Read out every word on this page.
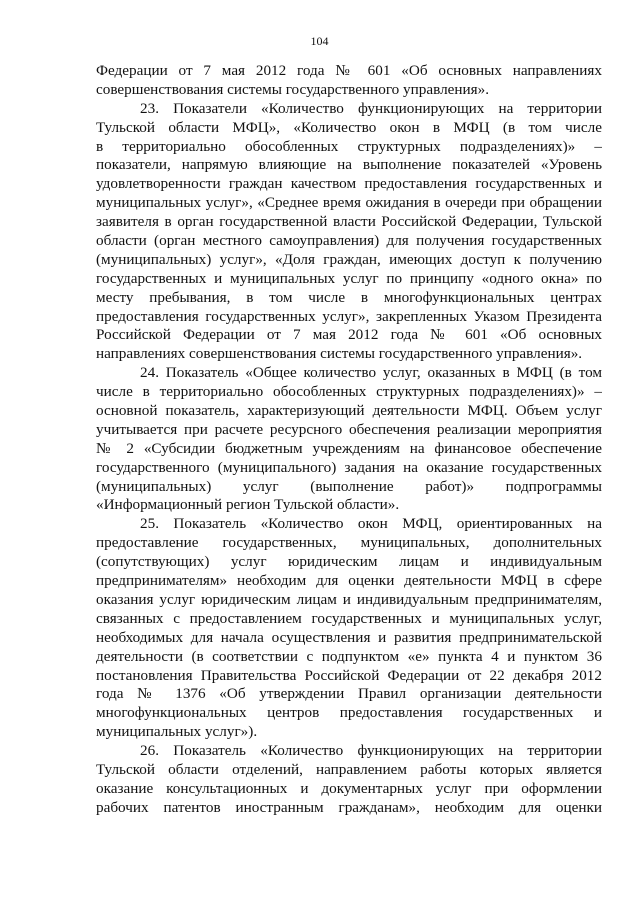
104
Федерации от 7 мая 2012 года № 601 «Об основных направлениях
совершенствования системы государственного управления».
23. Показатели «Количество функционирующих на территории
Тульской области МФЦ», «Количество окон в МФЦ (в том числе
в территориально обособленных структурных подразделениях)» –
показатели, напрямую влияющие на выполнение показателей «Уровень
удовлетворенности граждан качеством предоставления государственных и
муниципальных услуг», «Среднее время ожидания в очереди при обращении
заявителя в орган государственной власти Российской Федерации, Тульской
области (орган местного самоуправления) для получения государственных
(муниципальных) услуг», «Доля граждан, имеющих доступ к получению
государственных и муниципальных услуг по принципу «одного окна» по
месту пребывания, в том числе в многофункциональных центрах
предоставления государственных услуг», закрепленных Указом Президента
Российской Федерации от 7 мая 2012 года № 601 «Об основных
направлениях совершенствования системы государственного управления».
24. Показатель «Общее количество услуг, оказанных в МФЦ (в том
числе в территориально обособленных структурных подразделениях)» –
основной показатель, характеризующий деятельности МФЦ. Объем услуг
учитывается при расчете ресурсного обеспечения реализации мероприятия
№ 2 «Субсидии бюджетным учреждениям на финансовое обеспечение
государственного (муниципального) задания на оказание государственных
(муниципальных) услуг (выполнение работ)» подпрограммы
«Информационный регион Тульской области».
25. Показатель «Количество окон МФЦ, ориентированных на
предоставление государственных, муниципальных, дополнительных
(сопутствующих) услуг юридическим лицам и индивидуальным
предпринимателям» необходим для оценки деятельности МФЦ в сфере
оказания услуг юридическим лицам и индивидуальным предпринимателям,
связанных с предоставлением государственных и муниципальных услуг,
необходимых для начала осуществления и развития предпринимательской
деятельности (в соответствии с подпунктом «е» пункта 4 и пунктом 36
постановления Правительства Российской Федерации от 22 декабря 2012
года № 1376 «Об утверждении Правил организации деятельности
многофункциональных центров предоставления государственных и
муниципальных услуг»).
26. Показатель «Количество функционирующих на территории
Тульской области отделений, направлением работы которых является
оказание консультационных и документарных услуг при оформлении
рабочих патентов иностранным гражданам», необходим для оценки
